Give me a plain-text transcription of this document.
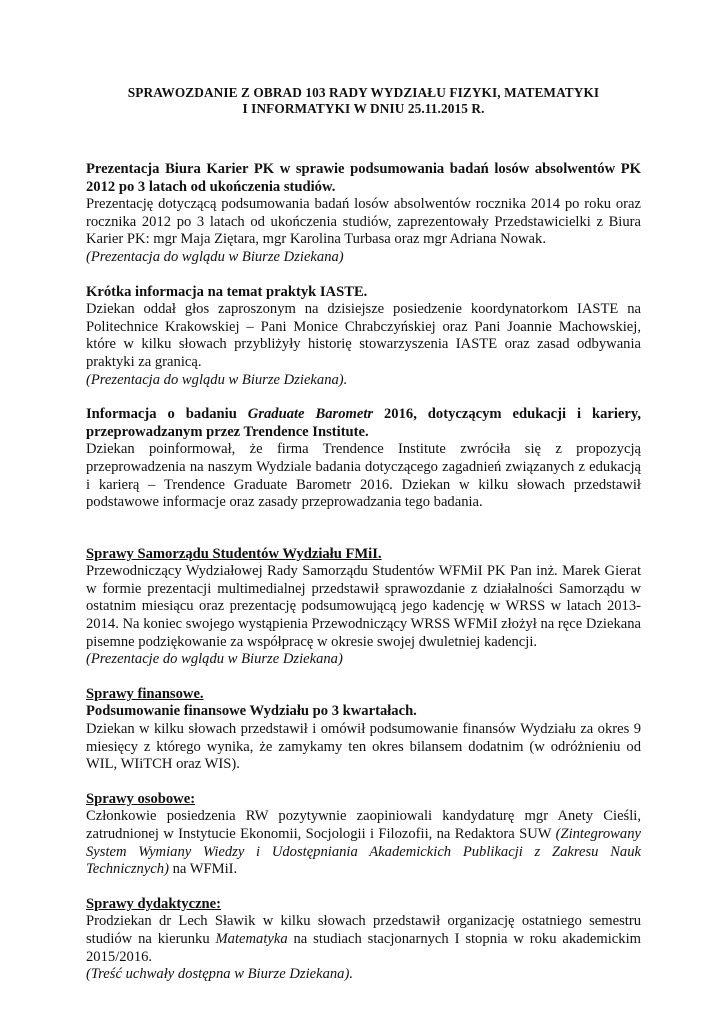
SPRAWOZDANIE Z OBRAD 103 RADY WYDZIAŁU FIZYKI, MATEMATYKI
I INFORMATYKI W DNIU 25.11.2015 R.

Prezentacja Biura Karier PK w sprawie podsumowania badań losów absolwentów PK 2012 po 3 latach od ukończenia studiów.

Prezentację dotyczącą podsumowania badań losów absolwentów rocznika 2014 po roku oraz rocznika 2012 po 3 latach od ukończenia studiów, zaprezentowały Przedstawicielki z Biura Karier PK: mgr Maja Ziętara, mgr Karolina Turbasa oraz mgr Adriana Nowak.

(Prezentacja do wglądu w Biurze Dziekana)

Krótka informacja na temat praktyk IASTE.

Dziekan oddał głos zaproszonym na dzisiejsze posiedzenie koordynatorkom IASTE na Politechnice Krakowskiej – Pani Monice Chrabczyńskiej oraz Pani Joannie Machowskiej, które w kilku słowach przybliżyły historię stowarzyszenia IASTE oraz zasad odbywania praktyki za granicą.

(Prezentacja do wglądu w Biurze Dziekana).

Informacja o badaniu Graduate Barometr 2016, dotyczącym edukacji i kariery, przeprowadzanym przez Trendence Institute.

Dziekan poinformował, że firma Trendence Institute zwróciła się z propozycją przeprowadzenia na naszym Wydziale badania dotyczącego zagadnień związanych z edukacją i karierą – Trendence Graduate Barometr 2016. Dziekan w kilku słowach przedstawił podstawowe informacje oraz zasady przeprowadzania tego badania.

Sprawy Samorządu Studentów Wydziału FMiI.

Przewodniczący Wydziałowej Rady Samorządu Studentów WFMiI PK Pan inż. Marek Gierat w formie prezentacji multimedialnej przedstawił sprawozdanie z działalności Samorządu w ostatnim miesiącu oraz prezentację podsumowującą jego kadencję w WRSS w latach 2013-2014. Na koniec swojego wystąpienia Przewodniczący WRSS WFMiI złożył na ręce Dziekana pisemne podziękowanie za współpracę w okresie swojej dwuletniej kadencji.

(Prezentacje do wglądu w Biurze Dziekana)

Sprawy finansowe.

Podsumowanie finansowe Wydziału po 3 kwartałach.

Dziekan w kilku słowach przedstawił i omówił podsumowanie finansów Wydziału za okres 9 miesięcy z którego wynika, że zamykamy ten okres bilansem dodatnim (w odróżnieniu od WIL, WIiTCH oraz WIS).

Sprawy osobowe:

Członkowie posiedzenia RW pozytywnie zaopiniowali kandydaturę mgr Anety Cieśli, zatrudnionej w Instytucie Ekonomii, Socjologii i Filozofii, na Redaktora SUW (Zintegrowany System Wymiany Wiedzy i Udostępniania Akademickich Publikacji z Zakresu Nauk Technicznych) na WFMiI.

Sprawy dydaktyczne:

Prodziekan dr Lech Sławik w kilku słowach przedstawił organizację ostatniego semestru studiów na kierunku Matematyka na studiach stacjonarnych I stopnia w roku akademickim 2015/2016.

(Treść uchwały dostępna w Biurze Dziekana).
